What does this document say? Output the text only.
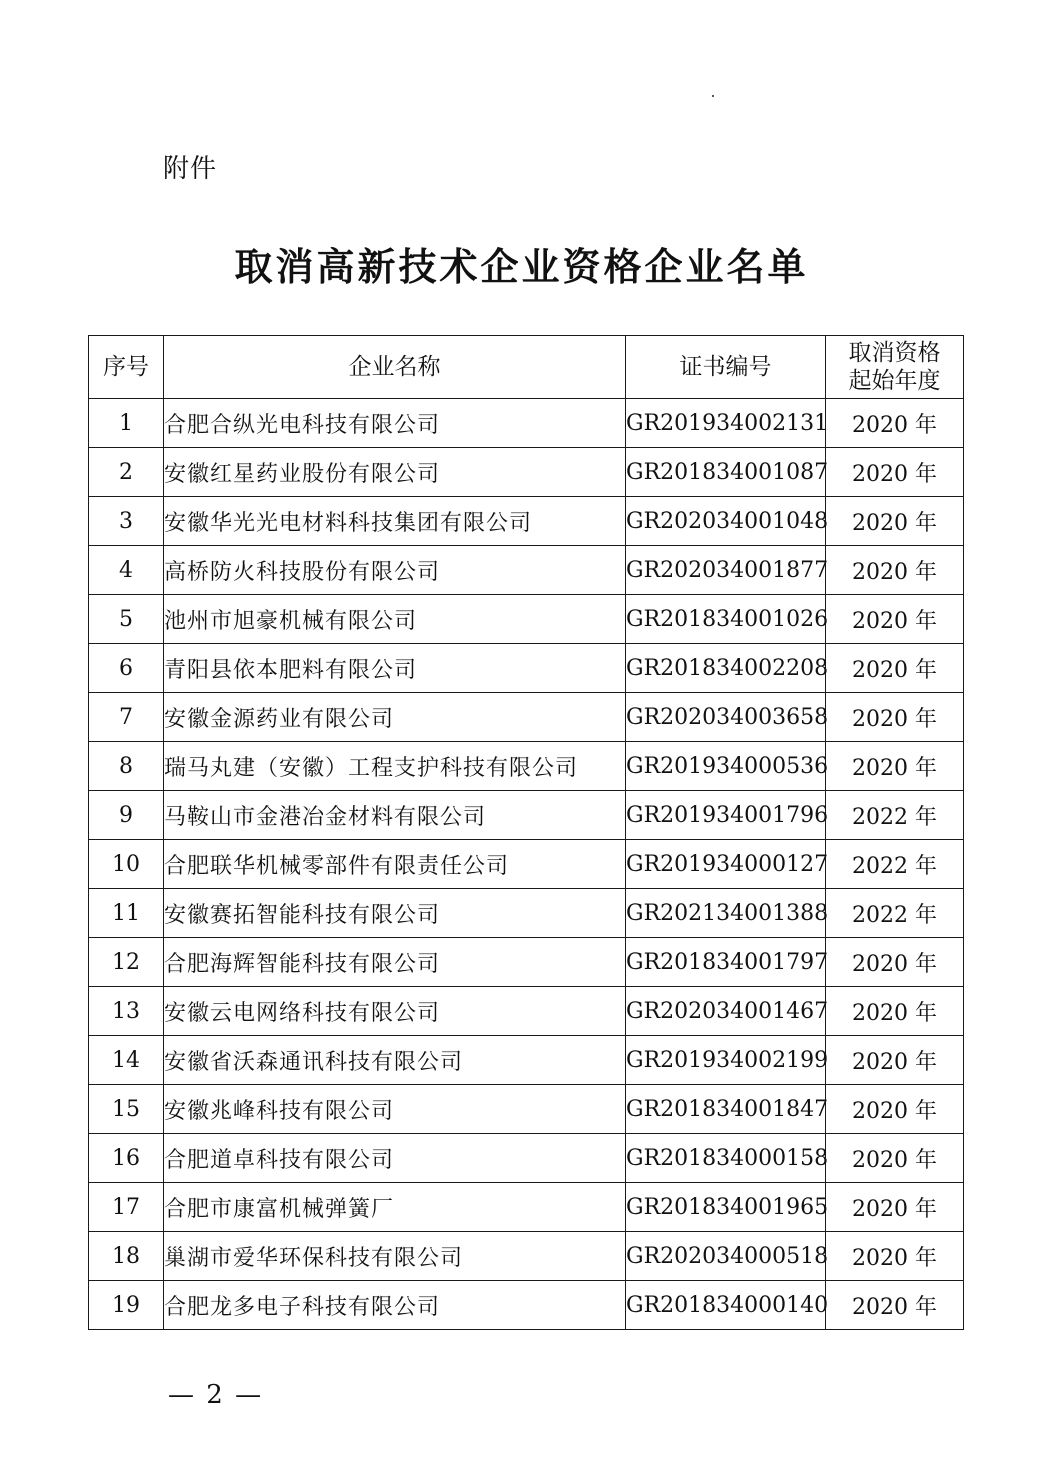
附件
取消高新技术企业资格企业名单
序号	企业名称	证书编号	取消资格
起始年度

1	合肥合纵光电科技有限公司	GR201934002131	2020 年
2	安徽红星药业股份有限公司	GR201834001087	2020 年
3	安徽华光光电材料科技集团有限公司	GR202034001048	2020 年
4	高桥防火科技股份有限公司	GR202034001877	2020 年
5	池州市旭豪机械有限公司	GR201834001026	2020 年
6	青阳县依本肥料有限公司	GR201834002208	2020 年
7	安徽金源药业有限公司	GR202034003658	2020 年
8	瑞马丸建（安徽）工程支护科技有限公司	GR201934000536	2020 年
9	马鞍山市金港冶金材料有限公司	GR201934001796	2022 年
10	合肥联华机械零部件有限责任公司	GR201934000127	2022 年
11	安徽赛拓智能科技有限公司	GR202134001388	2022 年
12	合肥海辉智能科技有限公司	GR201834001797	2020 年
13	安徽云电网络科技有限公司	GR202034001467	2020 年
14	安徽省沃森通讯科技有限公司	GR201934002199	2020 年
15	安徽兆峰科技有限公司	GR201834001847	2020 年
16	合肥道卓科技有限公司	GR201834000158	2020 年
17	合肥市康富机械弹簧厂	GR201834001965	2020 年
18	巢湖市爱华环保科技有限公司	GR202034000518	2020 年
19	合肥龙多电子科技有限公司	GR201834000140	2020 年
— 2 —
